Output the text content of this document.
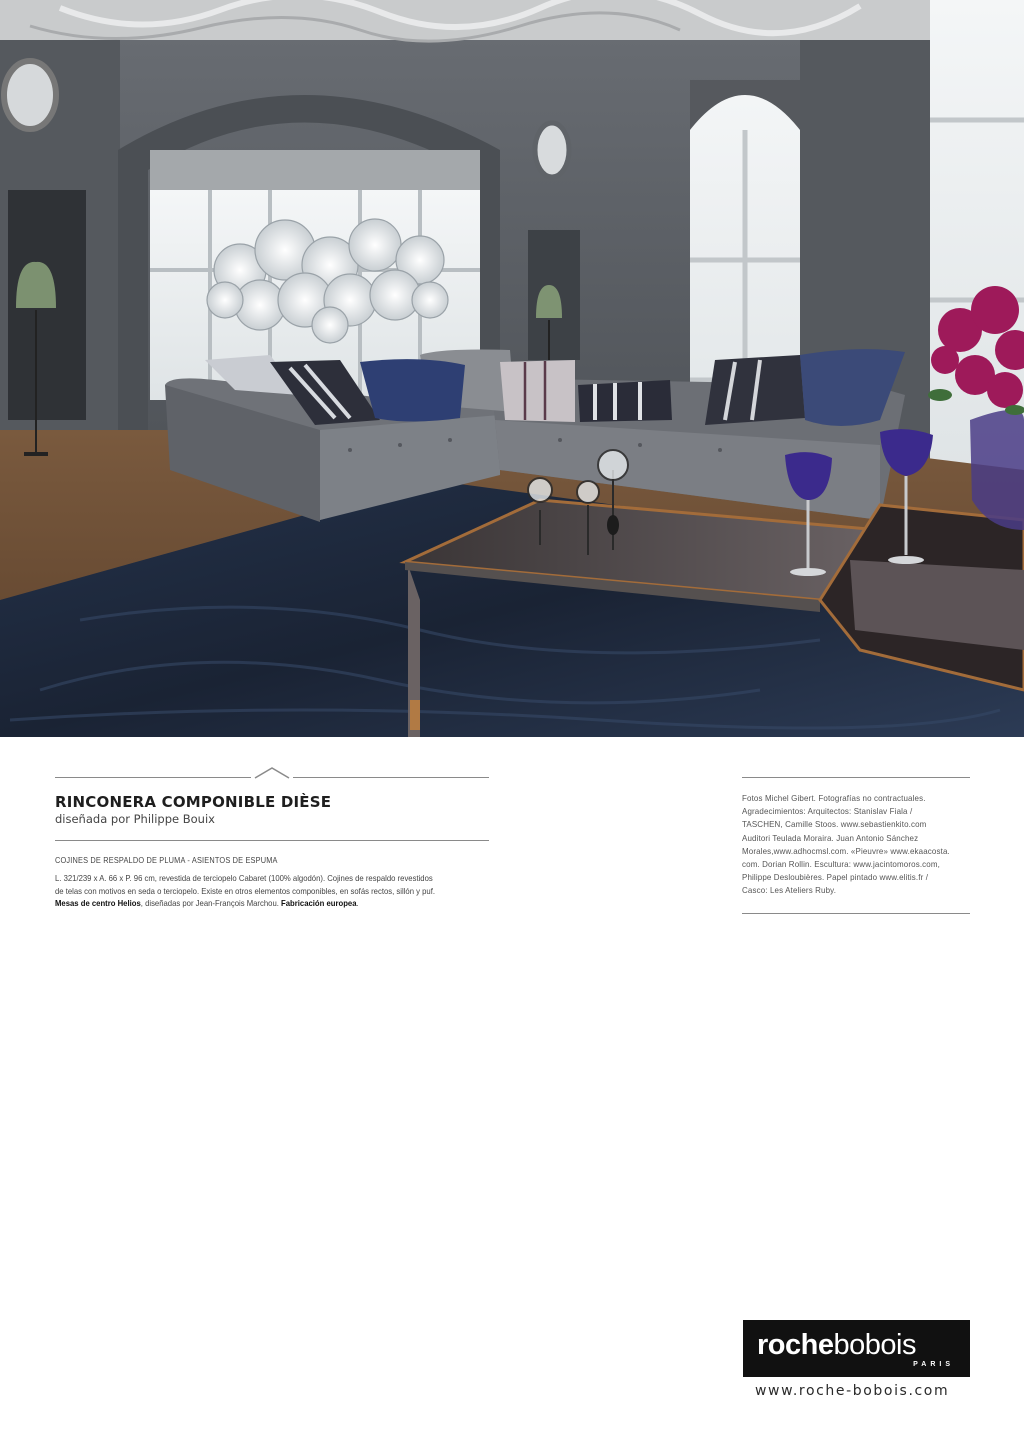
RINCONERA COMPONIBLE DIÈSE
diseñada por Philippe Bouix
COJINES DE RESPALDO DE PLUMA - ASIENTOS DE ESPUMA
L. 321/239 x A. 66 x P. 96 cm, revestida de terciopelo Cabaret (100% algodón). Cojines de respaldo revestidos
de telas con motivos en seda o terciopelo. Existe en otros elementos componibles, en sofás rectos, sillón y puf.
Mesas de centro Helios, diseñadas por Jean-François Marchou. Fabricación europea.
Fotos Michel Gibert. Fotografías no contractuales.
Agradecimientos: Arquitectos: Stanislav Fiala /
TASCHEN, Camille Stoos. www.sebastienkito.com
Auditori Teulada Moraira. Juan Antonio Sánchez
Morales,www.adhocmsl.com. «Pieuvre» www.ekaacosta.
com. Dorian Rollin. Escultura: www.jacintomoros.com,
Philippe Desloubières. Papel pintado www.elitis.fr /
Casco: Les Ateliers Ruby.
rochebobois
PARIS
www.roche-bobois.com
